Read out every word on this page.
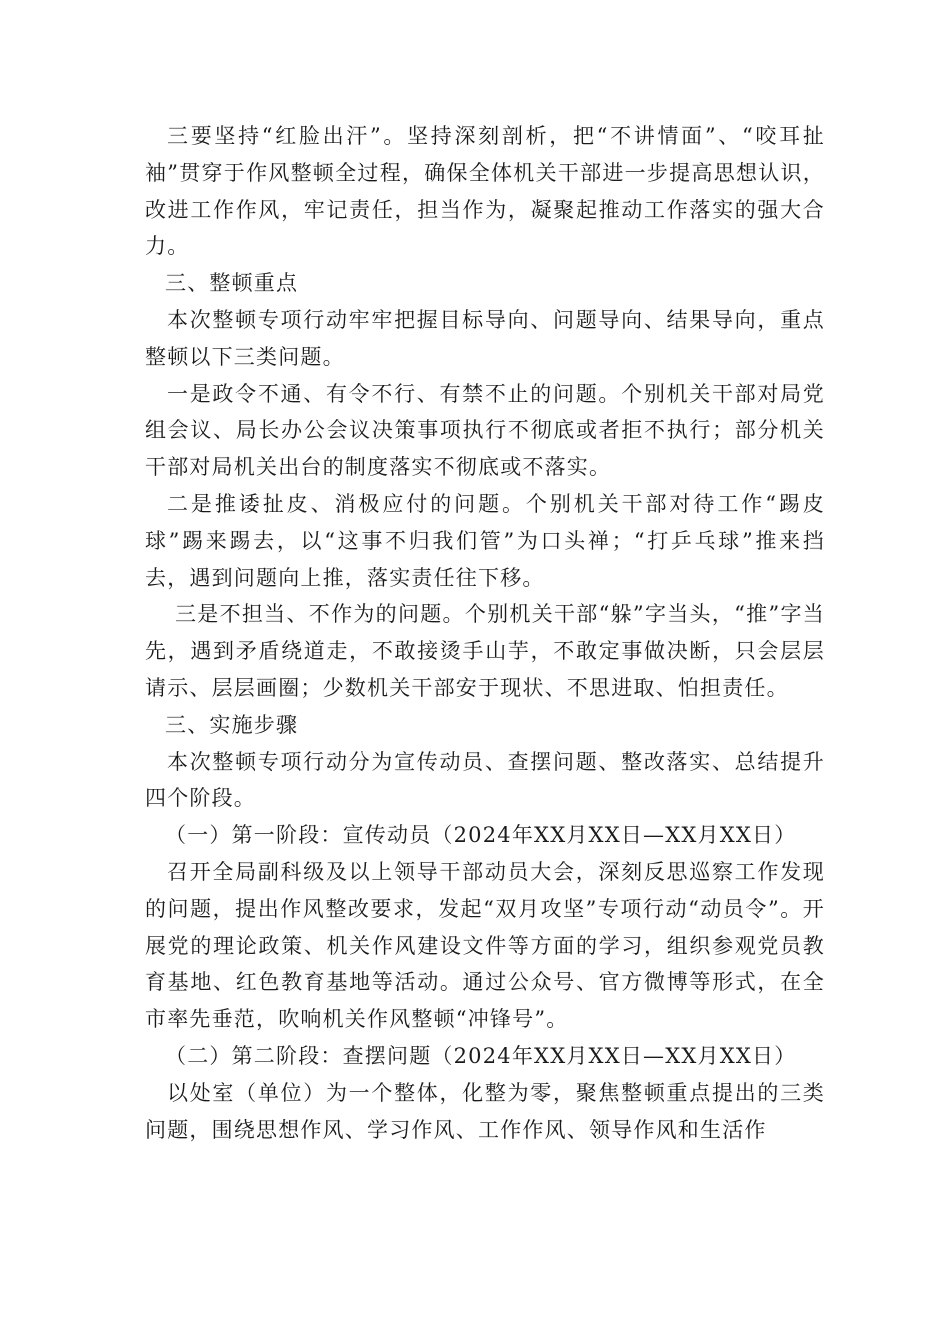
三要坚持“红脸出汗”。坚持深刻剖析，把“不讲情面”、“咬耳扯袖”贯穿于作风整顿全过程，确保全体机关干部进一步提高思想认识，改进工作作风，牢记责任，担当作为，凝聚起推动工作落实的强大合力。

三、整顿重点

本次整顿专项行动牢牢把握目标导向、问题导向、结果导向，重点整顿以下三类问题。

一是政令不通、有令不行、有禁不止的问题。个别机关干部对局党组会议、局长办公会议决策事项执行不彻底或者拒不执行；部分机关干部对局机关出台的制度落实不彻底或不落实。

二是推诿扯皮、消极应付的问题。个别机关干部对待工作“踢皮球”踢来踢去，以“这事不归我们管”为口头禅；“打乒乓球”推来挡去，遇到问题向上推，落实责任往下移。

三是不担当、不作为的问题。个别机关干部“躲”字当头，“推”字当先，遇到矛盾绕道走，不敢接烫手山芋，不敢定事做决断，只会层层请示、层层画圈；少数机关干部安于现状、不思进取、怕担责任。

三、实施步骤

本次整顿专项行动分为宣传动员、查摆问题、整改落实、总结提升四个阶段。

（一）第一阶段：宣传动员（2024年XX月XX日—XX月XX日）

召开全局副科级及以上领导干部动员大会，深刻反思巡察工作发现的问题，提出作风整改要求，发起“双月攻坚”专项行动“动员令”。开展党的理论政策、机关作风建设文件等方面的学习，组织参观党员教育基地、红色教育基地等活动。通过公众号、官方微博等形式，在全市率先垂范，吹响机关作风整顿“冲锋号”。

（二）第二阶段：查摆问题（2024年XX月XX日—XX月XX日）

以处室（单位）为一个整体，化整为零，聚焦整顿重点提出的三类问题，围绕思想作风、学习作风、工作作风、领导作风和生活作
